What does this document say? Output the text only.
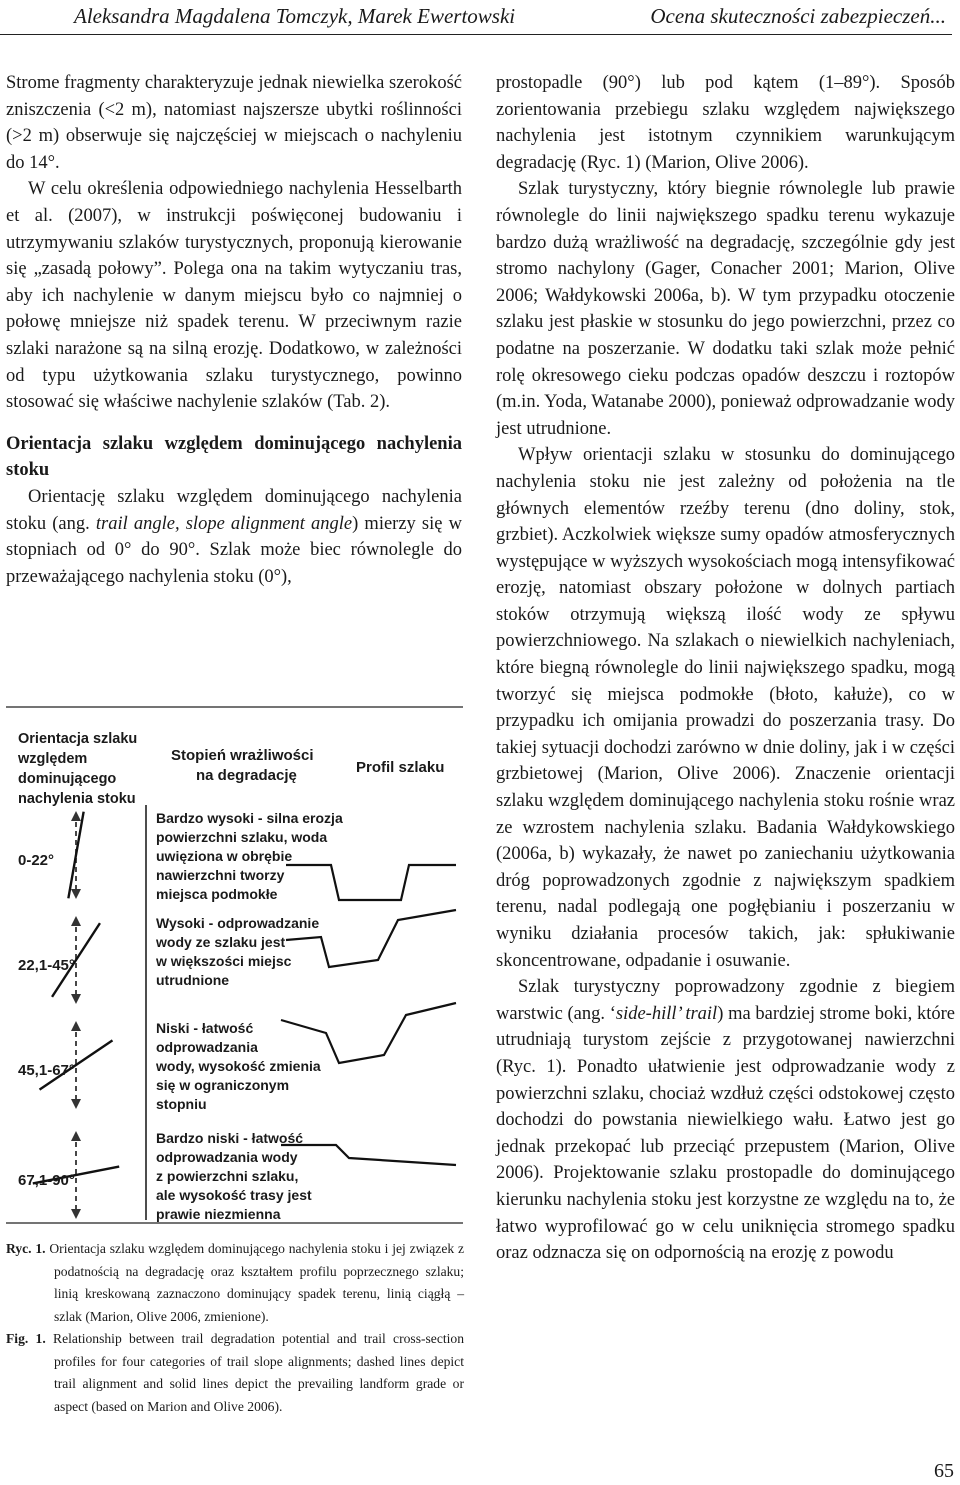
Aleksandra Magdalena Tomczyk, Marek Ewertowski	Ocena skuteczności zabezpieczeń...

Strome fragmenty charakteryzuje jednak niewielka szerokość zniszczenia (<2 m), natomiast najszersze ubytki roślinności (>2 m) obserwuje się najczęściej w miejscach o nachyleniu do 14°.

W celu określenia odpowiedniego nachylenia Hesselbarth et al. (2007), w instrukcji poświęconej budowaniu i utrzymywaniu szlaków turystycznych, proponują kierowanie się „zasadą połowy”. Polega ona na takim wytyczaniu tras, aby ich nachylenie w danym miejscu było co najmniej o połowę mniejsze niż spadek terenu. W przeciwnym razie szlaki narażone są na silną erozję. Dodatkowo, w zależności od typu użytkowania szlaku turystycznego, powinno stosować się właściwe nachylenie szlaków (Tab. 2).

Orientacja szlaku względem dominującego nachylenia stoku

Orientację szlaku względem dominującego nachylenia stoku (ang. trail angle, slope alignment angle) mierzy się w stopniach od 0° do 90°. Szlak może biec równolegle do przeważającego nachylenia stoku (0°),

Orientacja szlaku
względem
dominującego
nachylenia stoku
Stopień wrażliwości
na degradację	Profil szlaku
0-22°
Bardzo wysoki - silna erozja
powierzchni szlaku, woda
uwięziona w obrębie
nawierzchni tworzy
miejsca podmokłe
22,1-45°
Wysoki - odprowadzanie
wody ze szlaku jest
w większości miejsc
utrudnione
45,1-67°
Niski - łatwość
odprowadzania
wody, wysokość zmienia
się w ograniczonym
stopniu
67,1-90°
Bardzo niski - łatwość
odprowadzania wody
z powierzchni szlaku,
ale wysokość trasy jest
prawie niezmienna

Ryc. 1. Orientacja szlaku względem dominującego nachylenia stoku i jej związek z podatnością na degradację oraz kształtem profilu poprzecznego szlaku; linią kreskowaną zaznaczono dominujący spadek terenu, linią ciągłą – szlak (Marion, Olive 2006, zmienione).

Fig. 1. Relationship between trail degradation potential and trail cross-section profiles for four categories of trail slope alignments; dashed lines depict trail alignment and solid lines depict the prevailing landform grade or aspect (based on Marion and Olive 2006).

prostopadle (90°) lub pod kątem (1–89°). Sposób zorientowania przebiegu szlaku względem największego nachylenia jest istotnym czynnikiem warunkującym degradację (Ryc. 1) (Marion, Olive 2006).

Szlak turystyczny, który biegnie równolegle lub prawie równolegle do linii największego spadku terenu wykazuje bardzo dużą wrażliwość na degradację, szczególnie gdy jest stromo nachylony (Gager, Conacher 2001; Marion, Olive 2006; Wałdykowski 2006a, b). W tym przypadku otoczenie szlaku jest płaskie w stosunku do jego powierzchni, przez co podatne na poszerzanie. W dodatku taki szlak może pełnić rolę okresowego cieku podczas opadów deszczu i roztopów (m.in. Yoda, Watanabe 2000), ponieważ odprowadzanie wody jest utrudnione.

Wpływ orientacji szlaku w stosunku do dominującego nachylenia stoku nie jest zależny od położenia na tle głównych elementów rzeźby terenu (dno doliny, stok, grzbiet). Aczkolwiek większe sumy opadów atmosferycznych występujące w wyższych wysokościach mogą intensyfikować erozję, natomiast obszary położone w dolnych partiach stoków otrzymują większą ilość wody ze spływu powierzchniowego. Na szlakach o niewielkich nachyleniach, które biegną równolegle do linii największego spadku, mogą tworzyć się miejsca podmokłe (błoto, kałuże), co w przypadku ich omijania prowadzi do poszerzania trasy. Do takiej sytuacji dochodzi zarówno w dnie doliny, jak i w części grzbietowej (Marion, Olive 2006). Znaczenie orientacji szlaku względem dominującego nachylenia stoku rośnie wraz ze wzrostem nachylenia szlaku. Badania Wałdykowskiego (2006a, b) wykazały, że nawet po zaniechaniu użytkowania dróg poprowadzonych zgodnie z największym spadkiem terenu, nadal podlegają one pogłębianiu i poszerzaniu w wyniku działania procesów takich, jak: spłukiwanie skoncentrowane, odpadanie i osuwanie.

Szlak turystyczny poprowadzony zgodnie z biegiem warstwic (ang. ‘side-hill’ trail) ma bardziej strome boki, które utrudniają turystom zejście z przygotowanej nawierzchni (Ryc. 1). Ponadto ułatwienie jest odprowadzanie wody z powierzchni szlaku, chociaż wzdłuż części odstokowej często dochodzi do powstania niewielkiego wału. Łatwo jest go jednak przekopać lub przeciąć przepustem (Marion, Olive 2006). Projektowanie szlaku prostopadle do dominującego kierunku nachylenia stoku jest korzystne ze względu na to, że łatwo wyprofilować go w celu uniknięcia stromego spadku oraz odznacza się on odpornością na erozję z powodu

65
